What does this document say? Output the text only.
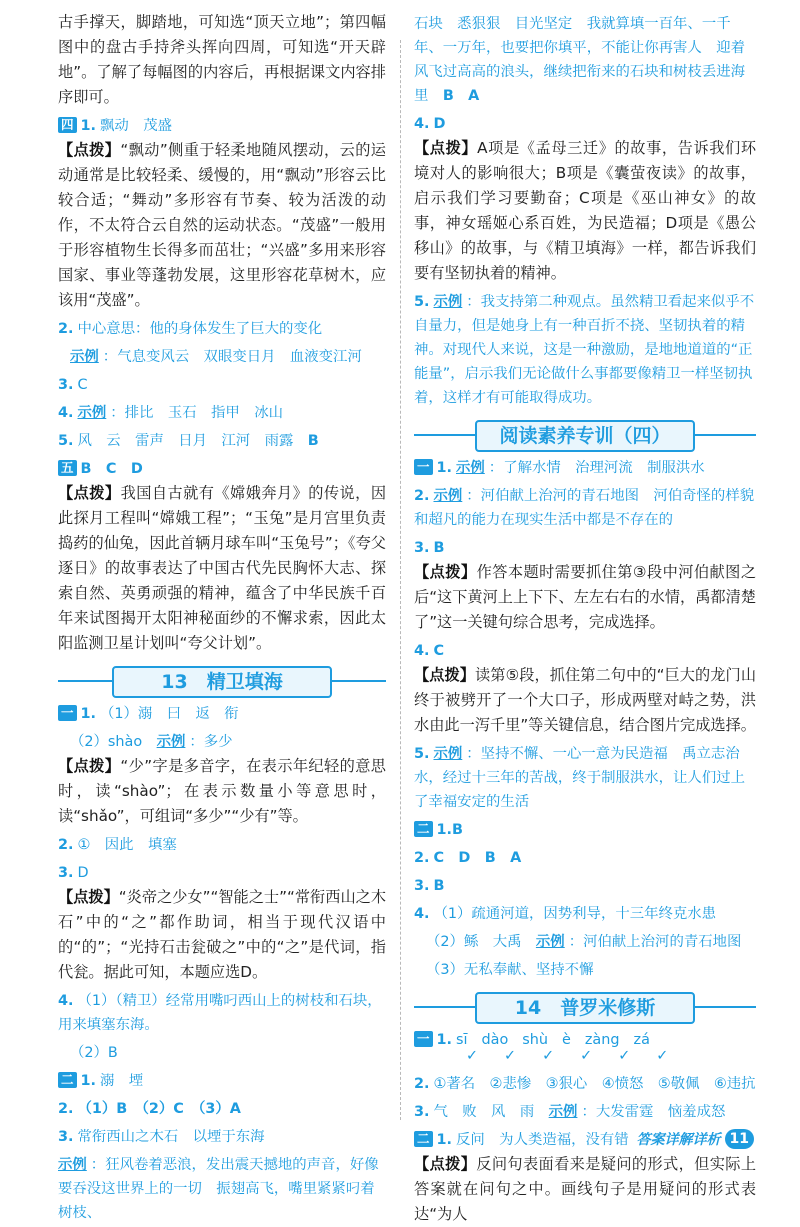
古手撑天，脚踏地，可知选“顶天立地”；第四幅图中的盘古手持斧头挥向四周，可知选“开天辟地”。了解了每幅图的内容后，再根据课文内容排序即可。

四 1. 飘动　 茂盛

【点拨】“飘动”侧重于轻柔地随风摆动，云的运动通常是比较轻柔、缓慢的，用“飘动”形容云比较合适；“舞动”多形容有节奏、较为活泼的动作，不太符合云自然的运动状态。“茂盛”一般用于形容植物生长得多而茁壮；“兴盛”多用来形容国家、事业等蓬勃发展，这里形容花草树木，应该用“茂盛”。

2. 中心意思：他的身体发生了巨大的变化
示例 ：气息变风云　双眼变日月　血液变江河
3. C
4. 示例 ：排比　玉石　指甲　冰山
5. 风　云　雷声　日月　江河　雨露　 B
五 B　C　D

【点拨】我国自古就有《嫦娥奔月》的传说，因此探月工程叫“嫦娥工程”；“玉兔”是月宫里负责捣药的仙兔，因此首辆月球车叫“玉兔号”；《夸父逐日》的故事表达了中国古代先民胸怀大志、探索自然、英勇顽强的精神，蕴含了中华民族千百年来试图揭开太阳神秘面纱的不懈求索，因此太阳监测卫星计划叫“夸父计划”。

13　精卫填海
一 1. （1）溺　曰　返　衔
（2）shào　 示例 ：多少

【点拨】“少”字是多音字，在表示年纪轻的意思时，读“shào”；在表示数量小等意思时，读“shǎo”，可组词“多少”“少有”等。

2. ①　因此　填塞
3. D

【点拨】“炎帝之少女”“智能之士”“常衔西山之木石”中的“之”都作助词，相当于现代汉语中的“的”；“光持石击瓮破之”中的“之”是代词，指代瓮。据此可知，本题应选D。

4. （1）（精卫）经常用嘴叼西山上的树枝和石块，用来填塞东海。
（2）B
二 1. 溺　堙
2. （1）B　（2）C　（3）A
3. 常衔西山之木石　以堙于东海
示例 ：狂风卷着恶浪，发出震天撼地的声音，好像要吞没这世界上的一切　振翅高飞，嘴里紧紧叼着树枝、
石块　悉狠狠　目光坚定　我就算填一百年、一千年、一万年，也要把你填平，不能让你再害人　迎着风飞过高高的浪头，继续把衔来的石块和树枝丢进海里　 B　A
4. D

【点拨】A项是《孟母三迁》的故事，告诉我们环境对人的影响很大；B项是《囊萤夜读》的故事，启示我们学习要勤奋；C项是《巫山神女》的故事，神女瑶姬心系百姓，为民造福；D项是《愚公移山》的故事，与《精卫填海》一样，都告诉我们要有坚韧执着的精神。

5. 示例 ：我支持第二种观点。虽然精卫看起来似乎不自量力，但是她身上有一种百折不挠、坚韧执着的精神。对现代人来说，这是一种激励，是地地道道的“正能量”，启示我们无论做什么事都要像精卫一样坚韧执着，这样才有可能取得成功。
阅读素养专训（四）
一 1. 示例 ：了解水情　治理河流　制服洪水
2. 示例 ：河伯献上治河的青石地图　河伯奇怪的样貌和超凡的能力在现实生活中都是不存在的
3. B

【点拨】作答本题时需要抓住第③段中河伯献图之后“这下黄河上上下下、左左右右的水情，禹都清楚了”这一关键句综合思考，完成选择。

4. C

【点拨】读第⑤段，抓住第二句中的“巨大的龙门山终于被劈开了一个大口子，形成两壁对峙之势，洪水由此一泻千里”等关键信息，结合图片完成选择。

5. 示例 ：坚持不懈、一心一意为民造福　禹立志治水，经过十三年的苦战，终于制服洪水，让人们过上了幸福安定的生活
二 1.B
2. C　D　B　A
3. B
4. （1）疏通河道，因势利导，十三年终克水患
（2）鲧　大禹　 示例 ：河伯献上治河的青石地图
（3）无私奉献、坚持不懈
14　普罗米修斯
一 1. sī dào shù è zàng zá
✓✓✓✓✓✓
2. ①著名　②悲惨　③狠心　④愤怒　⑤敬佩　⑥违抗
3. 气　败　风　雨　 示例 ：大发雷霆　恼羞成怒
二 1. 反问　为人类造福，没有错

【点拨】反问句表面看来是疑问的形式，但实际上答案就在问句之中。画线句子是用疑问的形式表达“为人

答案详解详析 11
